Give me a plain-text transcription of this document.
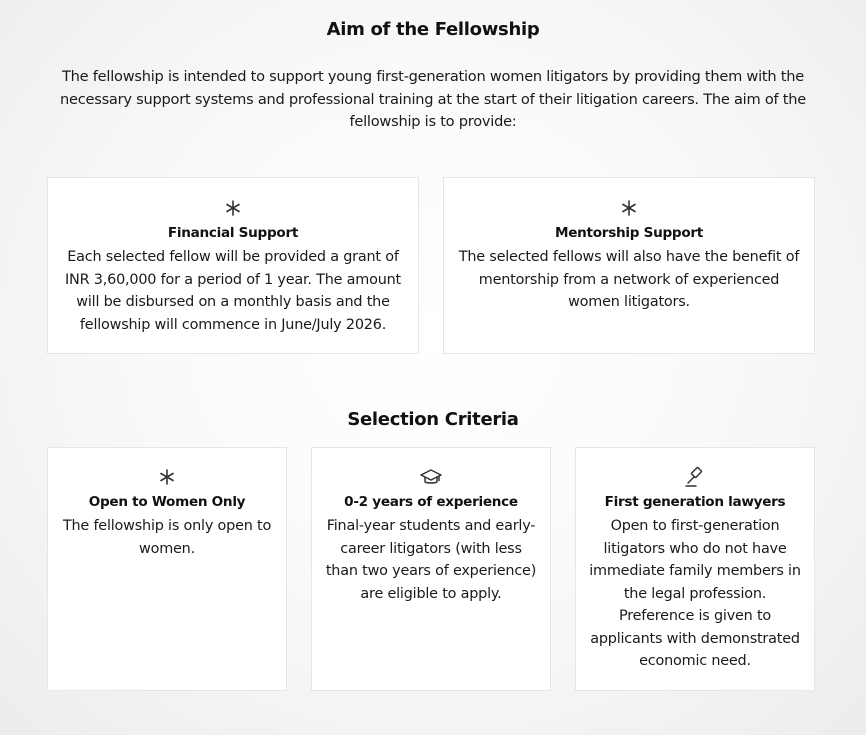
Aim of the Fellowship

The fellowship is intended to support young first-generation women litigators by providing them with the necessary support systems and professional training at the start of their litigation careers. The aim of the fellowship is to provide:

Financial Support
Each selected fellow will be provided a grant of INR 3,60,000 for a period of 1 year. The amount will be disbursed on a monthly basis and the fellowship will commence in June/July 2026.
Mentorship Support
The selected fellows will also have the benefit of mentorship from a network of experienced women litigators.
Selection Criteria
Open to Women Only
The fellowship is only open to women.
0-2 years of experience
Final-year students and early-career litigators (with less than two years of experience) are eligible to apply.
First generation lawyers
Open to first-generation litigators who do not have immediate family members in the legal profession. Preference is given to applicants with demonstrated economic need.
